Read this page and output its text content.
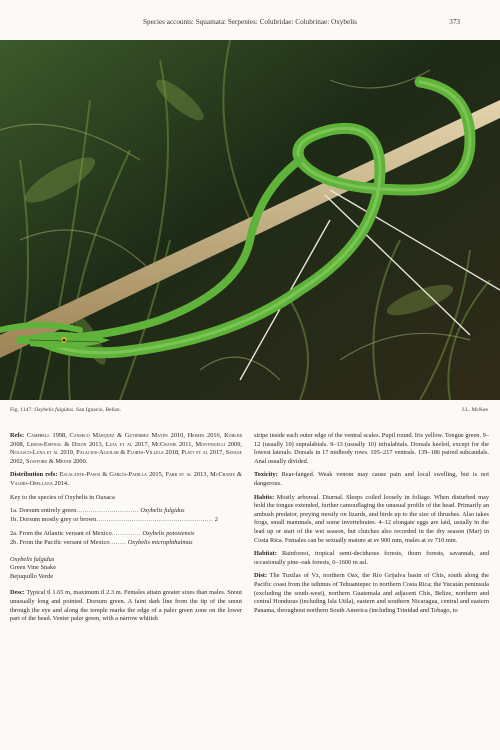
Species accounts: Squamata: Serpentes: Colubridae: Colubrinae: Oxybelis	373
Fig. 1147: Oxybelis fulgidus. San Ignacio, Belize.	J.L. McKee

Refs: Campbell 1998, Canseco Márquez & Gutiérrez Mayén 2010, Heimes 2016, Köhler 2008, Lemos-Espinal & Dixon 2013, Luja et al 2017, McCranie 2011, Montingelli 2009, Nolasco-Luna et al 2019, Palacios-Aguilar & Flores-Villela 2018, Platt et al 2017, Savage 2002, Stafford & Meyer 2000.

Distribution refs: Escalante-Pasos & García-Padilla 2015, Farr et al 2013, McCranie & Valdés-Orellana 2014.

Key to the species of Oxybelis in Oaxaca

1a. Dorsum entirely green.............................. Oxybelis fulgidus
1b. Dorsum mostly grey or brown........................................................ 2
2a. From the Atlantic versant of Mexico.............. Oxybelis potosiensis
2b. From the Pacific versant of Mexico........ Oxybelis microphthalmus
Oxybelis fulgidus
Green Vine Snake
Bejuquillo Verde

Desc: Typical tl 1.65 m, maximum tl 2.3 m. Females attain greater sixes than males. Snout unusually long and pointed. Dorsum green. A faint dark line from the tip of the snout through the eye and along the temple marks the edge of a paler green zone on the lower part of the head. Venter paler green, with a narrow whitish

stripe inside each outer edge of the ventral scales. Pupil round. Iris yellow. Tongue green. 9–12 (usually 10) supralabials. 9–13 (usually 10) infralabials. Dorsals keeled, except for the lowest laterals. Dorsals in 17 midbody rows. 195–217 ventrals. 139–186 paired subcaudals. Anal usually divided.

Toxicity: Rear-fanged. Weak venom may cause pain and local swelling, but is not dangerous.

Habits: Mostly arboreal. Diurnal. Sleeps coiled loosely in foliage. When disturbed may hold the tongue extended, further camouflaging the unusual profile of the head. Primarily an ambush predator, preying mostly on lizards, and birds up to the size of thrushes. Also takes frogs, small mammals, and some invertebrates. 4–12 elongate eggs are laid, usually in the lead up or start of the wet season, but clutches also recorded in the dry season (Mar) in Costa Rica. Females can be sexually mature at sv 900 mm, males at sv 710 mm.

Habitat: Rainforest, tropical semi-deciduous forests, thorn forests, savannah, and occasionally pine–oak forests, 0–1600 m asl.

Dist: The Tuxtlas of Vz, northern Oax, the Río Grijalva basin of Chis, south along the Pacific coast from the isthmus of Tehuantepec to northern Costa Rica; the Yucatán peninsula (excluding the south-west), northern Guatemala and adjacent Chis, Belize, northern and central Honduras (including Isla Utila), eastern and southern Nicaragua, central and eastern Panama, throughout northern South America (including Trinidad and Tobago, to
